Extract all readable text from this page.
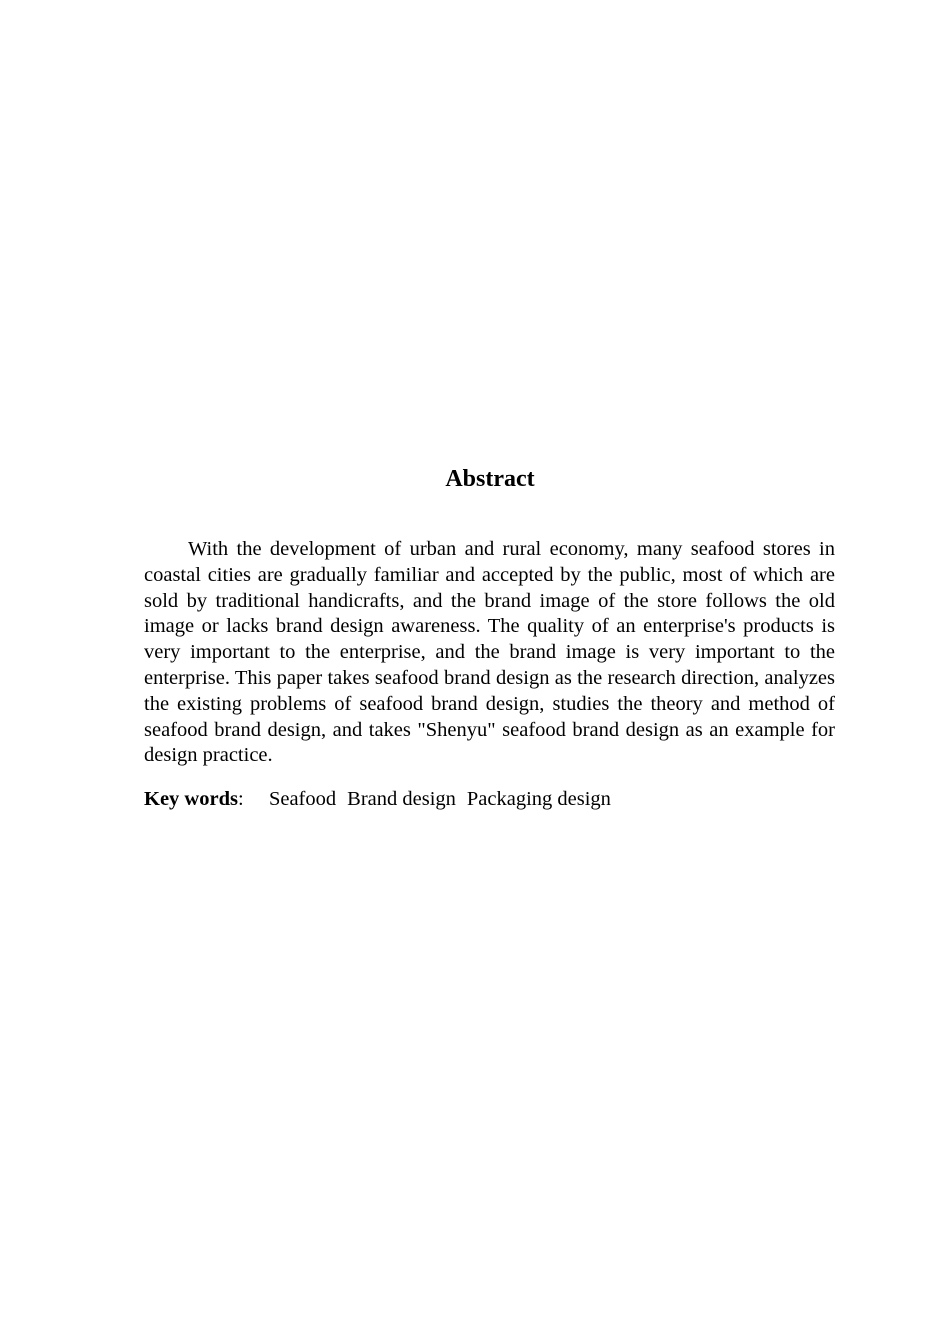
Abstract

With the development of urban and rural economy, many seafood stores in coastal cities are gradually familiar and accepted by the public, most of which are sold by traditional handicrafts, and the brand image of the store follows the old image or lacks brand design awareness. The quality of an enterprise's products is very important to the enterprise, and the brand image is very important to the enterprise. This paper takes seafood brand design as the research direction, analyzes the existing problems of seafood brand design, studies the theory and method of seafood brand design, and takes "Shenyu" seafood brand design as an example for design practice.

Key words: Seafood Brand design Packaging design
